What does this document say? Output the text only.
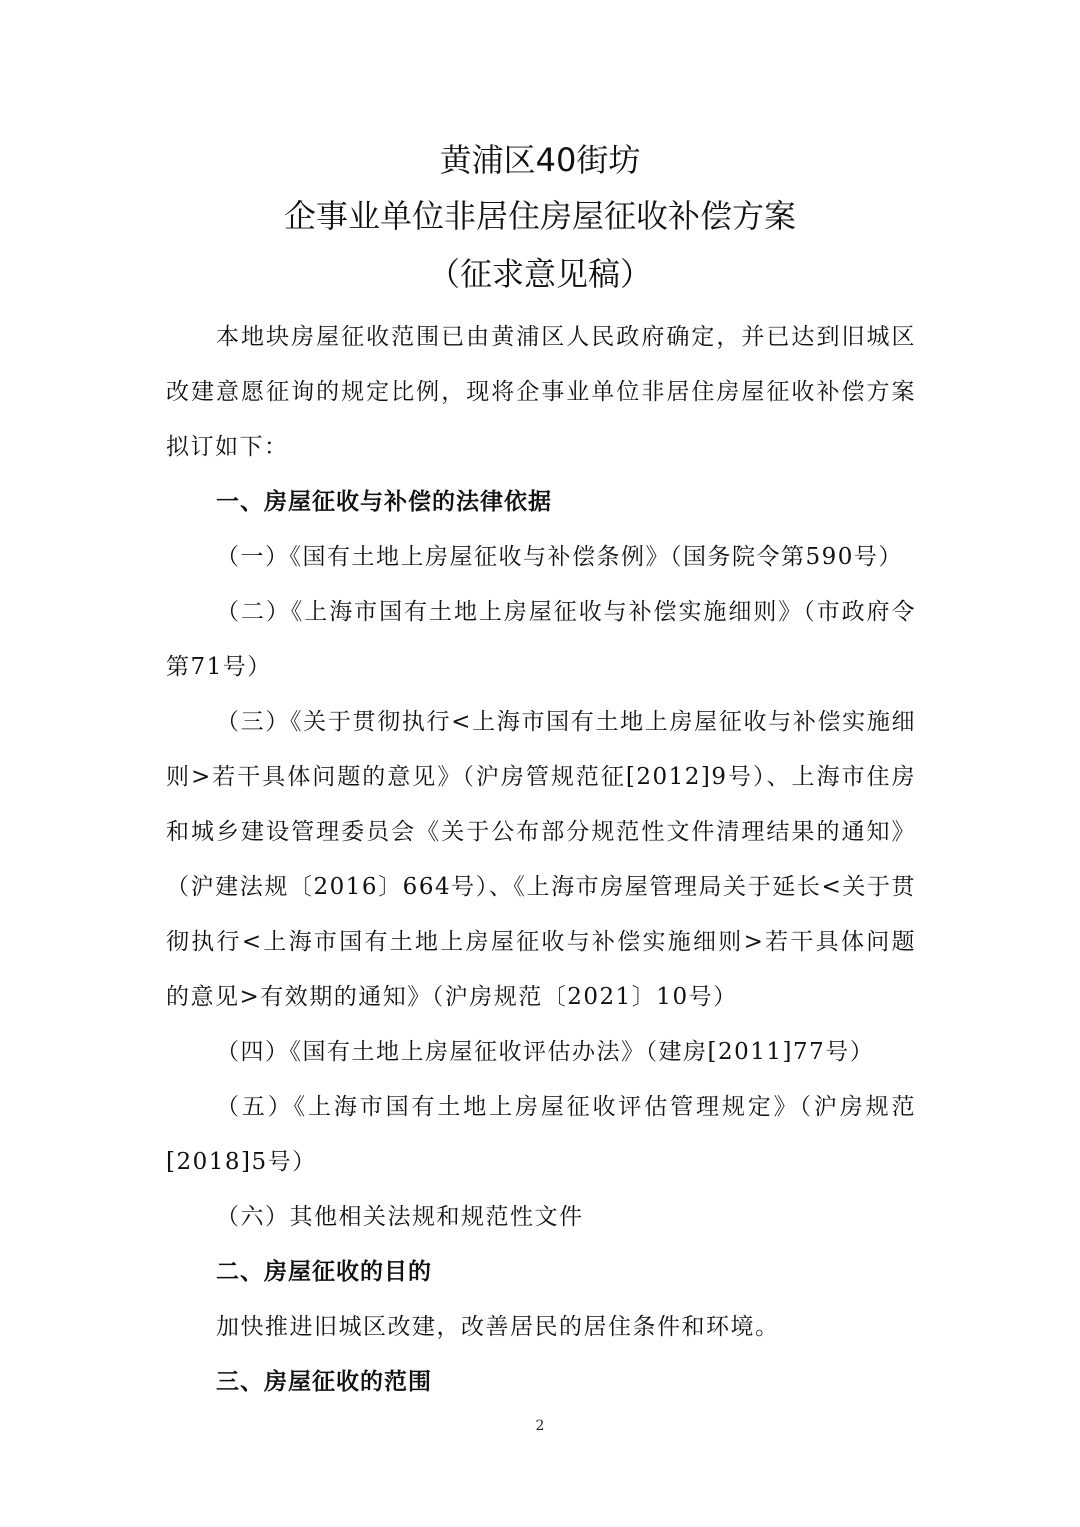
黄浦区40街坊
企事业单位非居住房屋征收补偿方案
（征求意见稿）

本地块房屋征收范围已由黄浦区人民政府确定，并已达到旧城区改建意愿征询的规定比例，现将企事业单位非居住房屋征收补偿方案拟订如下：

一、房屋征收与补偿的法律依据

（一）《国有土地上房屋征收与补偿条例》（国务院令第590号）

（二）《上海市国有土地上房屋征收与补偿实施细则》（市政府令第71号）

（三）《关于贯彻执行<上海市国有土地上房屋征收与补偿实施细则>若干具体问题的意见》（沪房管规范征[2012]9号）、上海市住房和城乡建设管理委员会《关于公布部分规范性文件清理结果的通知》（沪建法规〔2016〕664号）、《上海市房屋管理局关于延长<关于贯彻执行<上海市国有土地上房屋征收与补偿实施细则>若干具体问题的意见>有效期的通知》（沪房规范〔2021〕10号）

（四）《国有土地上房屋征收评估办法》（建房[2011]77号）

（五）《上海市国有土地上房屋征收评估管理规定》（沪房规范[2018]5号）

（六）其他相关法规和规范性文件

二、房屋征收的目的

加快推进旧城区改建，改善居民的居住条件和环境。

三、房屋征收的范围

2
